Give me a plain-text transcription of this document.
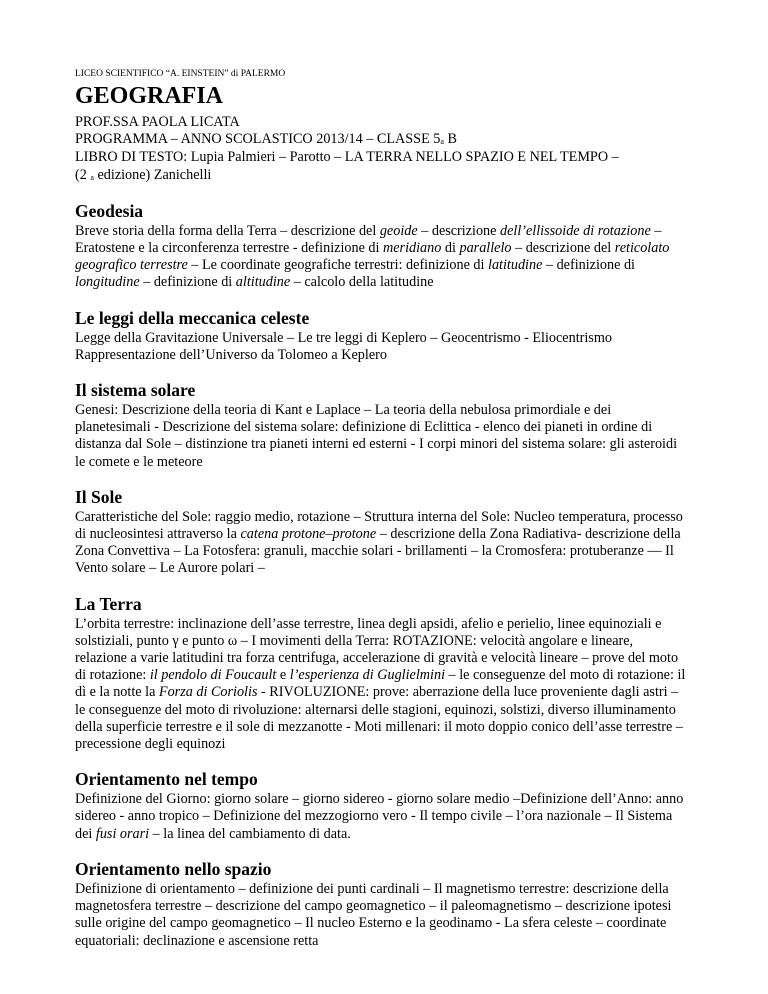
LICEO SCIENTIFICO “A. EINSTEIN” di PALERMO
GEOGRAFIA
PROF.SSA PAOLA LICATA
PROGRAMMA – ANNO SCOLASTICO 2013/14 – CLASSE 5a B
LIBRO DI TESTO: Lupia Palmieri – Parotto – LA TERRA NELLO SPAZIO E NEL TEMPO –
(2 a edizione) Zanichelli
Geodesia

Breve storia della forma della Terra – descrizione del geoide – descrizione dell’ellissoide di rotazione – Eratostene e la circonferenza terrestre - definizione di meridiano di parallelo – descrizione del reticolato geografico terrestre – Le coordinate geografiche terrestri: definizione di latitudine – definizione di longitudine – definizione di altitudine – calcolo della latitudine

Le leggi della meccanica celeste

Legge della Gravitazione Universale – Le tre leggi di Keplero – Geocentrismo - Eliocentrismo
Rappresentazione dell’Universo da Tolomeo a Keplero

Il sistema solare

Genesi: Descrizione della teoria di Kant e Laplace – La teoria della nebulosa primordiale e dei planetesimali - Descrizione del sistema solare: definizione di Eclittica - elenco dei pianeti in ordine di distanza dal Sole – distinzione tra pianeti interni ed esterni - I corpi minori del sistema solare: gli asteroidi le comete e le meteore

Il Sole

Caratteristiche del Sole: raggio medio, rotazione – Struttura interna del Sole: Nucleo temperatura, processo di nucleosintesi attraverso la catena protone–protone – descrizione della Zona Radiativa- descrizione della Zona Convettiva – La Fotosfera: granuli, macchie solari - brillamenti – la Cromosfera: protuberanze –– Il Vento solare – Le Aurore polari –

La Terra

L’orbita terrestre: inclinazione dell’asse terrestre, linea degli apsidi, afelio e perielio, linee equinoziali e solstiziali, punto γ e punto ω – I movimenti della Terra: ROTAZIONE: velocità angolare e lineare, relazione a varie latitudini tra forza centrifuga, accelerazione di gravità e velocità lineare – prove del moto di rotazione: il pendolo di Foucault e l’esperienza di Guglielmini – le conseguenze del moto di rotazione: il dì e la notte la Forza di Coriolis - RIVOLUZIONE: prove: aberrazione della luce proveniente dagli astri – le conseguenze del moto di rivoluzione: alternarsi delle stagioni, equinozi, solstizi, diverso illuminamento della superficie terrestre e il sole di mezzanotte - Moti millenari: il moto doppio conico dell’asse terrestre – precessione degli equinozi

Orientamento nel tempo

Definizione del Giorno: giorno solare – giorno sidereo - giorno solare medio –Definizione dell’Anno: anno sidereo - anno tropico – Definizione del mezzogiorno vero - Il tempo civile – l’ora nazionale – Il Sistema dei fusi orari – la linea del cambiamento di data.

Orientamento nello spazio

Definizione di orientamento – definizione dei punti cardinali – Il magnetismo terrestre: descrizione della magnetosfera terrestre – descrizione del campo geomagnetico – il paleomagnetismo – descrizione ipotesi sulle origine del campo geomagnetico – Il nucleo Esterno e la geodinamo - La sfera celeste – coordinate equatoriali: declinazione e ascensione retta
